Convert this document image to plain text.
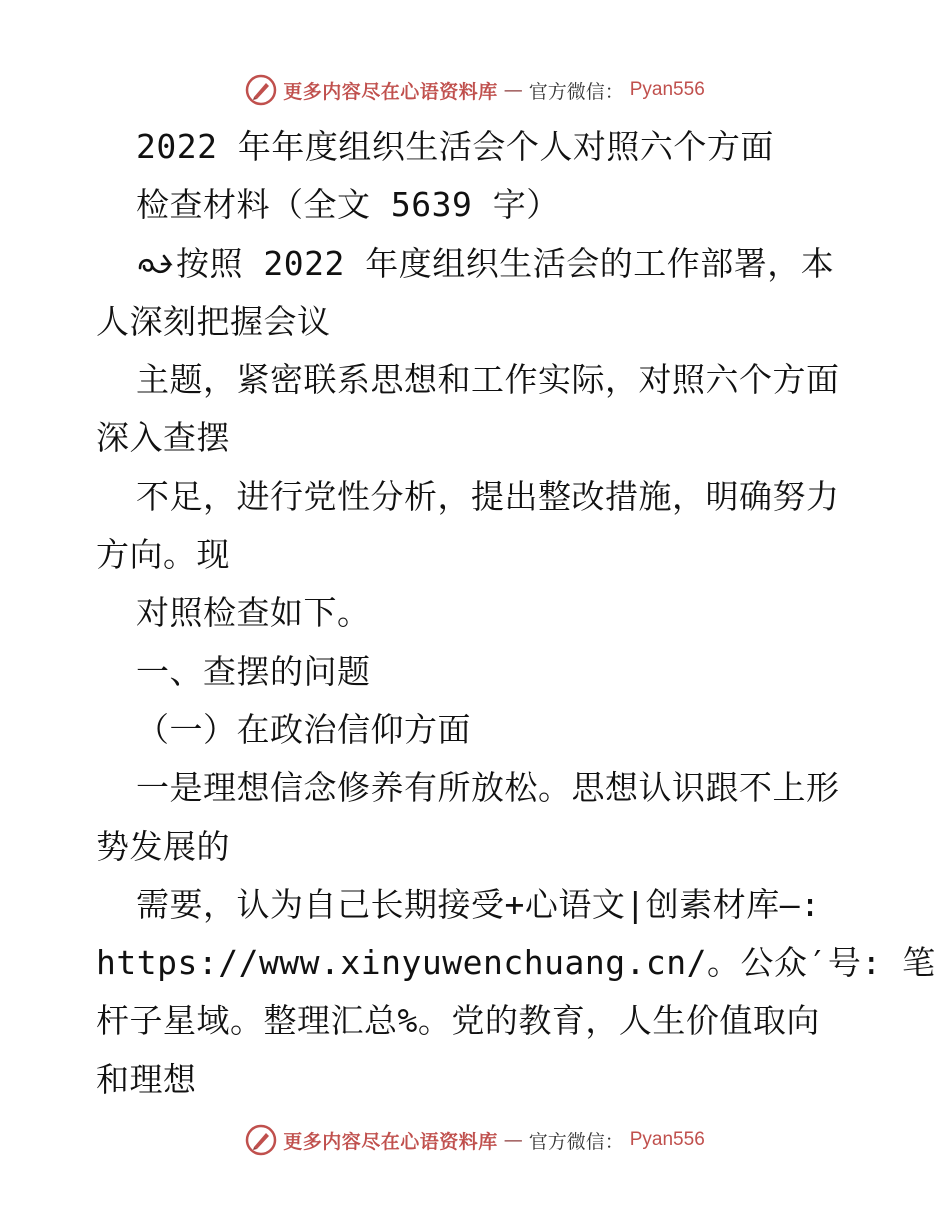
更多内容尽在心语资料库 — 官方微信： Pyan556
2022 年年度组织生活会个人对照六个方面
检查材料（全文 5639 字）
按照 2022 年度组织生活会的工作部署，本
人深刻把握会议
主题，紧密联系思想和工作实际，对照六个方面
深入查摆
不足，进行党性分析，提出整改措施，明确努力
方向。现
对照检查如下。
一、查摆的问题
（一）在政治信仰方面
一是理想信念修养有所放松。思想认识跟不上形
势发展的
需要，认为自己长期接受+心语文|创素材库—:
https://www.xinyuwenchuang.cn/。公众′号: 笔
杆子星域。整理汇总%。党的教育，人生价值取向
和理想
更多内容尽在心语资料库 — 官方微信： Pyan556
